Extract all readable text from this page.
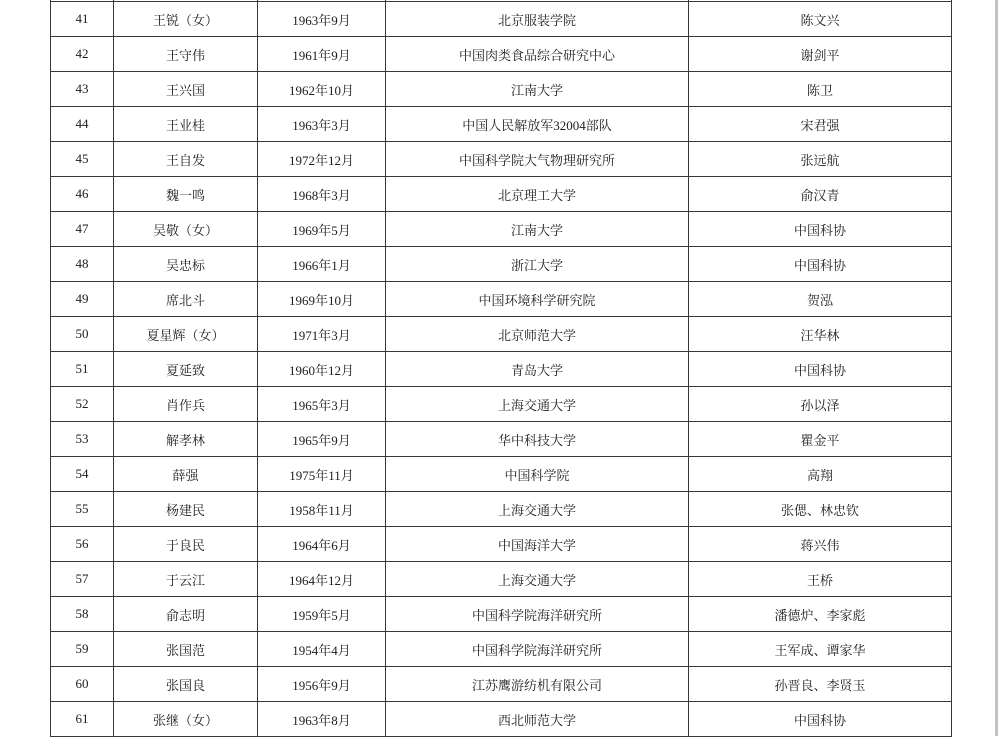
41	王锐（女）	1963年9月	北京服装学院	陈文兴
42	王守伟	1961年9月	中国肉类食品综合研究中心	谢剑平
43	王兴国	1962年10月	江南大学	陈卫
44	王业桂	1963年3月	中国人民解放军32004部队	宋君强
45	王自发	1972年12月	中国科学院大气物理研究所	张远航
46	魏一鸣	1968年3月	北京理工大学	俞汉青
47	吴敬（女）	1969年5月	江南大学	中国科协
48	吴忠标	1966年1月	浙江大学	中国科协
49	席北斗	1969年10月	中国环境科学研究院	贺泓
50	夏星辉（女）	1971年3月	北京师范大学	汪华林
51	夏延致	1960年12月	青岛大学	中国科协
52	肖作兵	1965年3月	上海交通大学	孙以泽
53	解孝林	1965年9月	华中科技大学	瞿金平
54	薛强	1975年11月	中国科学院	高翔
55	杨建民	1958年11月	上海交通大学	张偲、林忠钦
56	于良民	1964年6月	中国海洋大学	蒋兴伟
57	于云江	1964年12月	上海交通大学	王桥
58	俞志明	1959年5月	中国科学院海洋研究所	潘德炉、李家彪
59	张国范	1954年4月	中国科学院海洋研究所	王军成、谭家华
60	张国良	1956年9月	江苏鹰游纺机有限公司	孙晋良、李贤玉
61	张继（女）	1963年8月	西北师范大学	中国科协
